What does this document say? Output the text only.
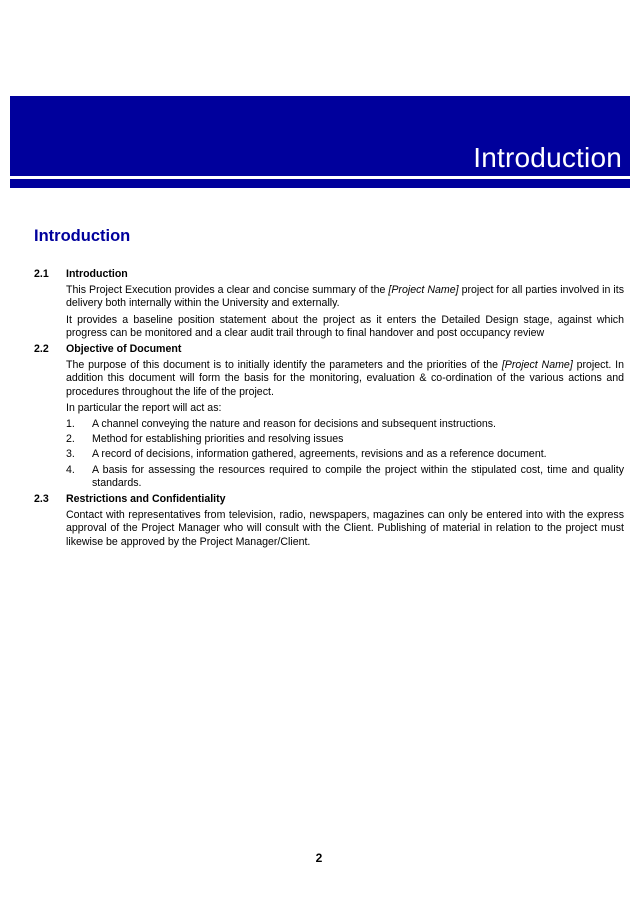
Introduction
Introduction
2.1	Introduction
This Project Execution provides a clear and concise summary of the [Project Name] project for all parties involved in its delivery both internally within the University and externally.
It provides a baseline position statement about the project as it enters the Detailed Design stage, against which progress can be monitored and a clear audit trail through to final handover and post occupancy review
2.2	Objective of Document
The purpose of this document is to initially identify the parameters and the priorities of the [Project Name] project. In addition this document will form the basis for the monitoring, evaluation & co-ordination of the various actions and procedures throughout the life of the project.
In particular the report will act as:
1.	A channel conveying the nature and reason for decisions and subsequent instructions.
2.	Method for establishing priorities and resolving issues
3.	A record of decisions, information gathered, agreements, revisions and as a reference document.
4.	A basis for assessing the resources required to compile the project within the stipulated cost, time and quality standards.
2.3	Restrictions and Confidentiality
Contact with representatives from television, radio, newspapers, magazines can only be entered into with the express approval of the Project Manager who will consult with the Client. Publishing of material in relation to the project must likewise be approved by the Project Manager/Client.
2
